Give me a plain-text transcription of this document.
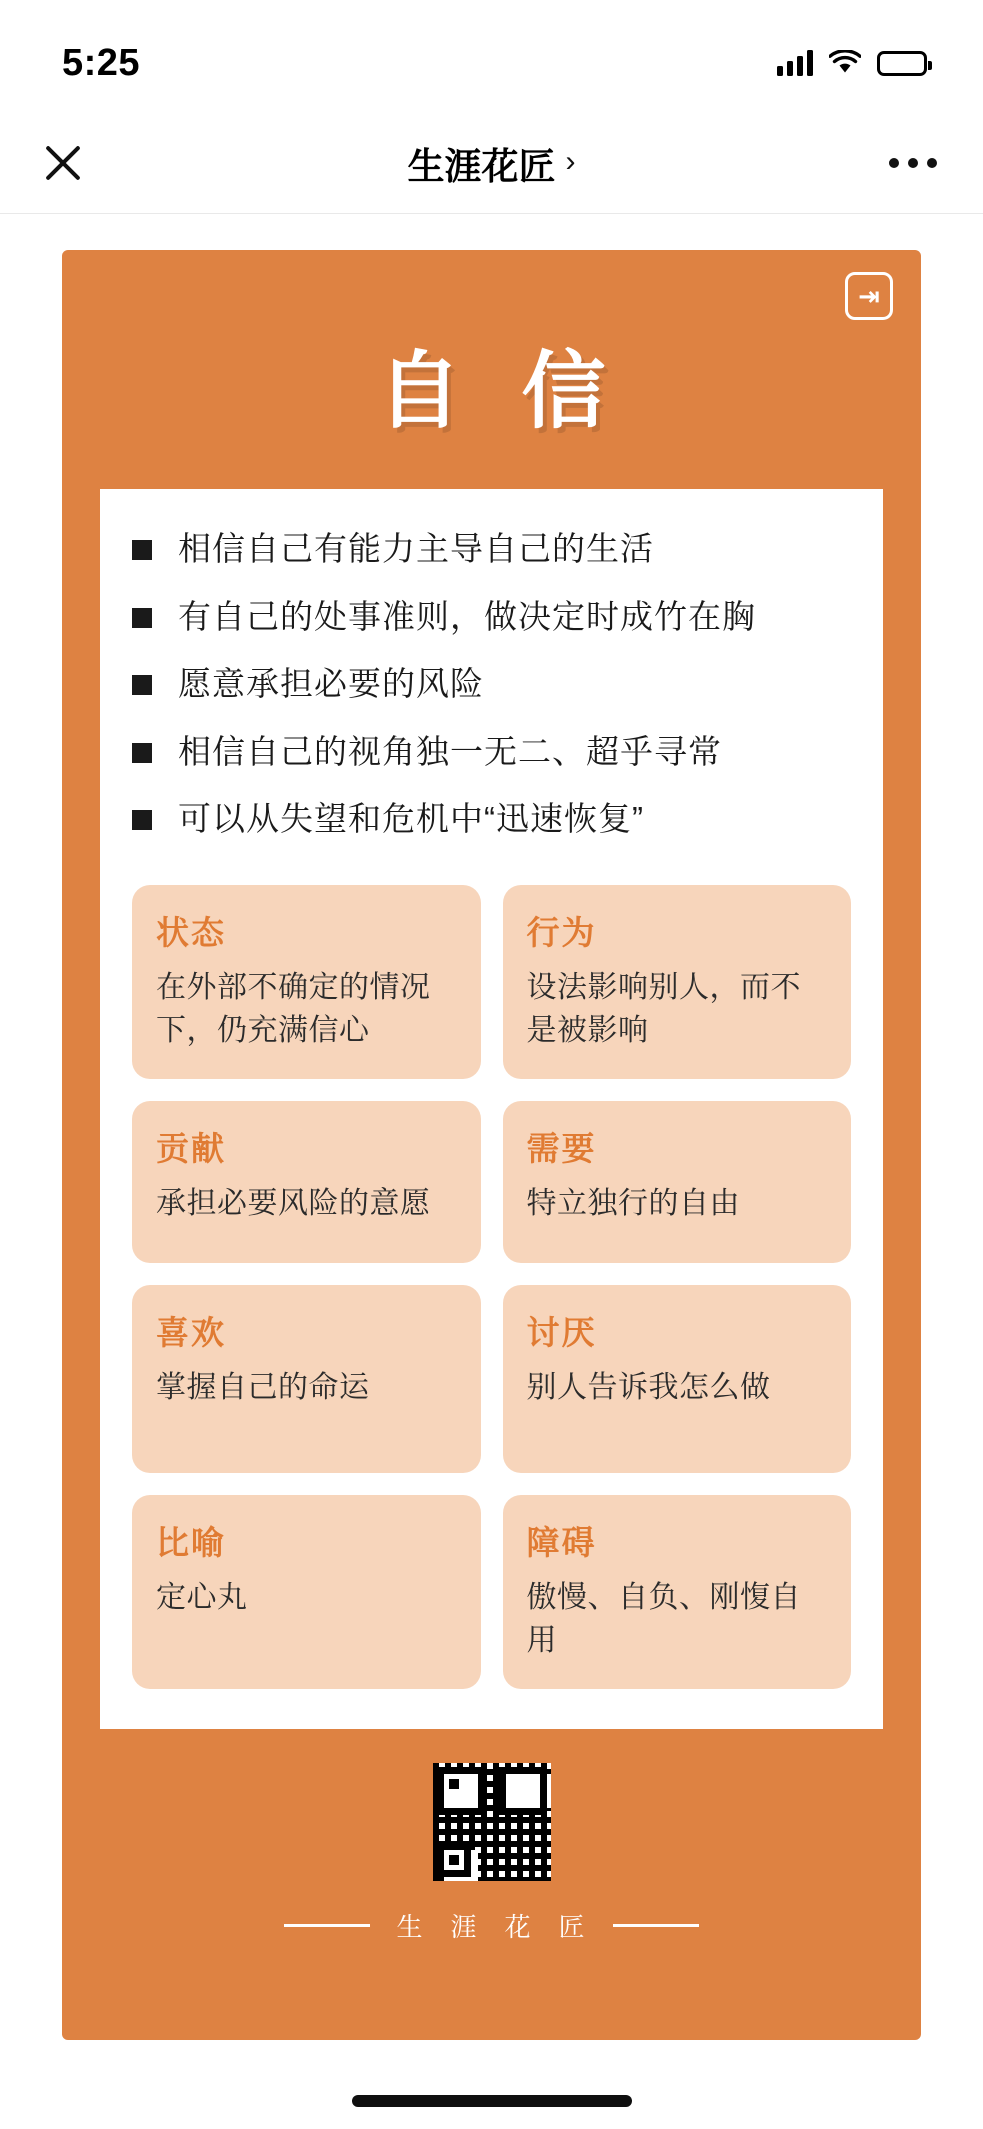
5:25
生涯花匠 ›
⇥
自信
相信自己有能力主导自己的生活
有自己的处事准则，做决定时成竹在胸
愿意承担必要的风险
相信自己的视角独一无二、超乎寻常
可以从失望和危机中“迅速恢复”
状态
在外部不确定的情况下，仍充满信心
行为
设法影响别人，而不是被影响
贡献
承担必要风险的意愿
需要
特立独行的自由
喜欢
掌握自己的命运
讨厌
别人告诉我怎么做
比喻
定心丸
障碍
傲慢、自负、刚愎自用
生 涯 花 匠
